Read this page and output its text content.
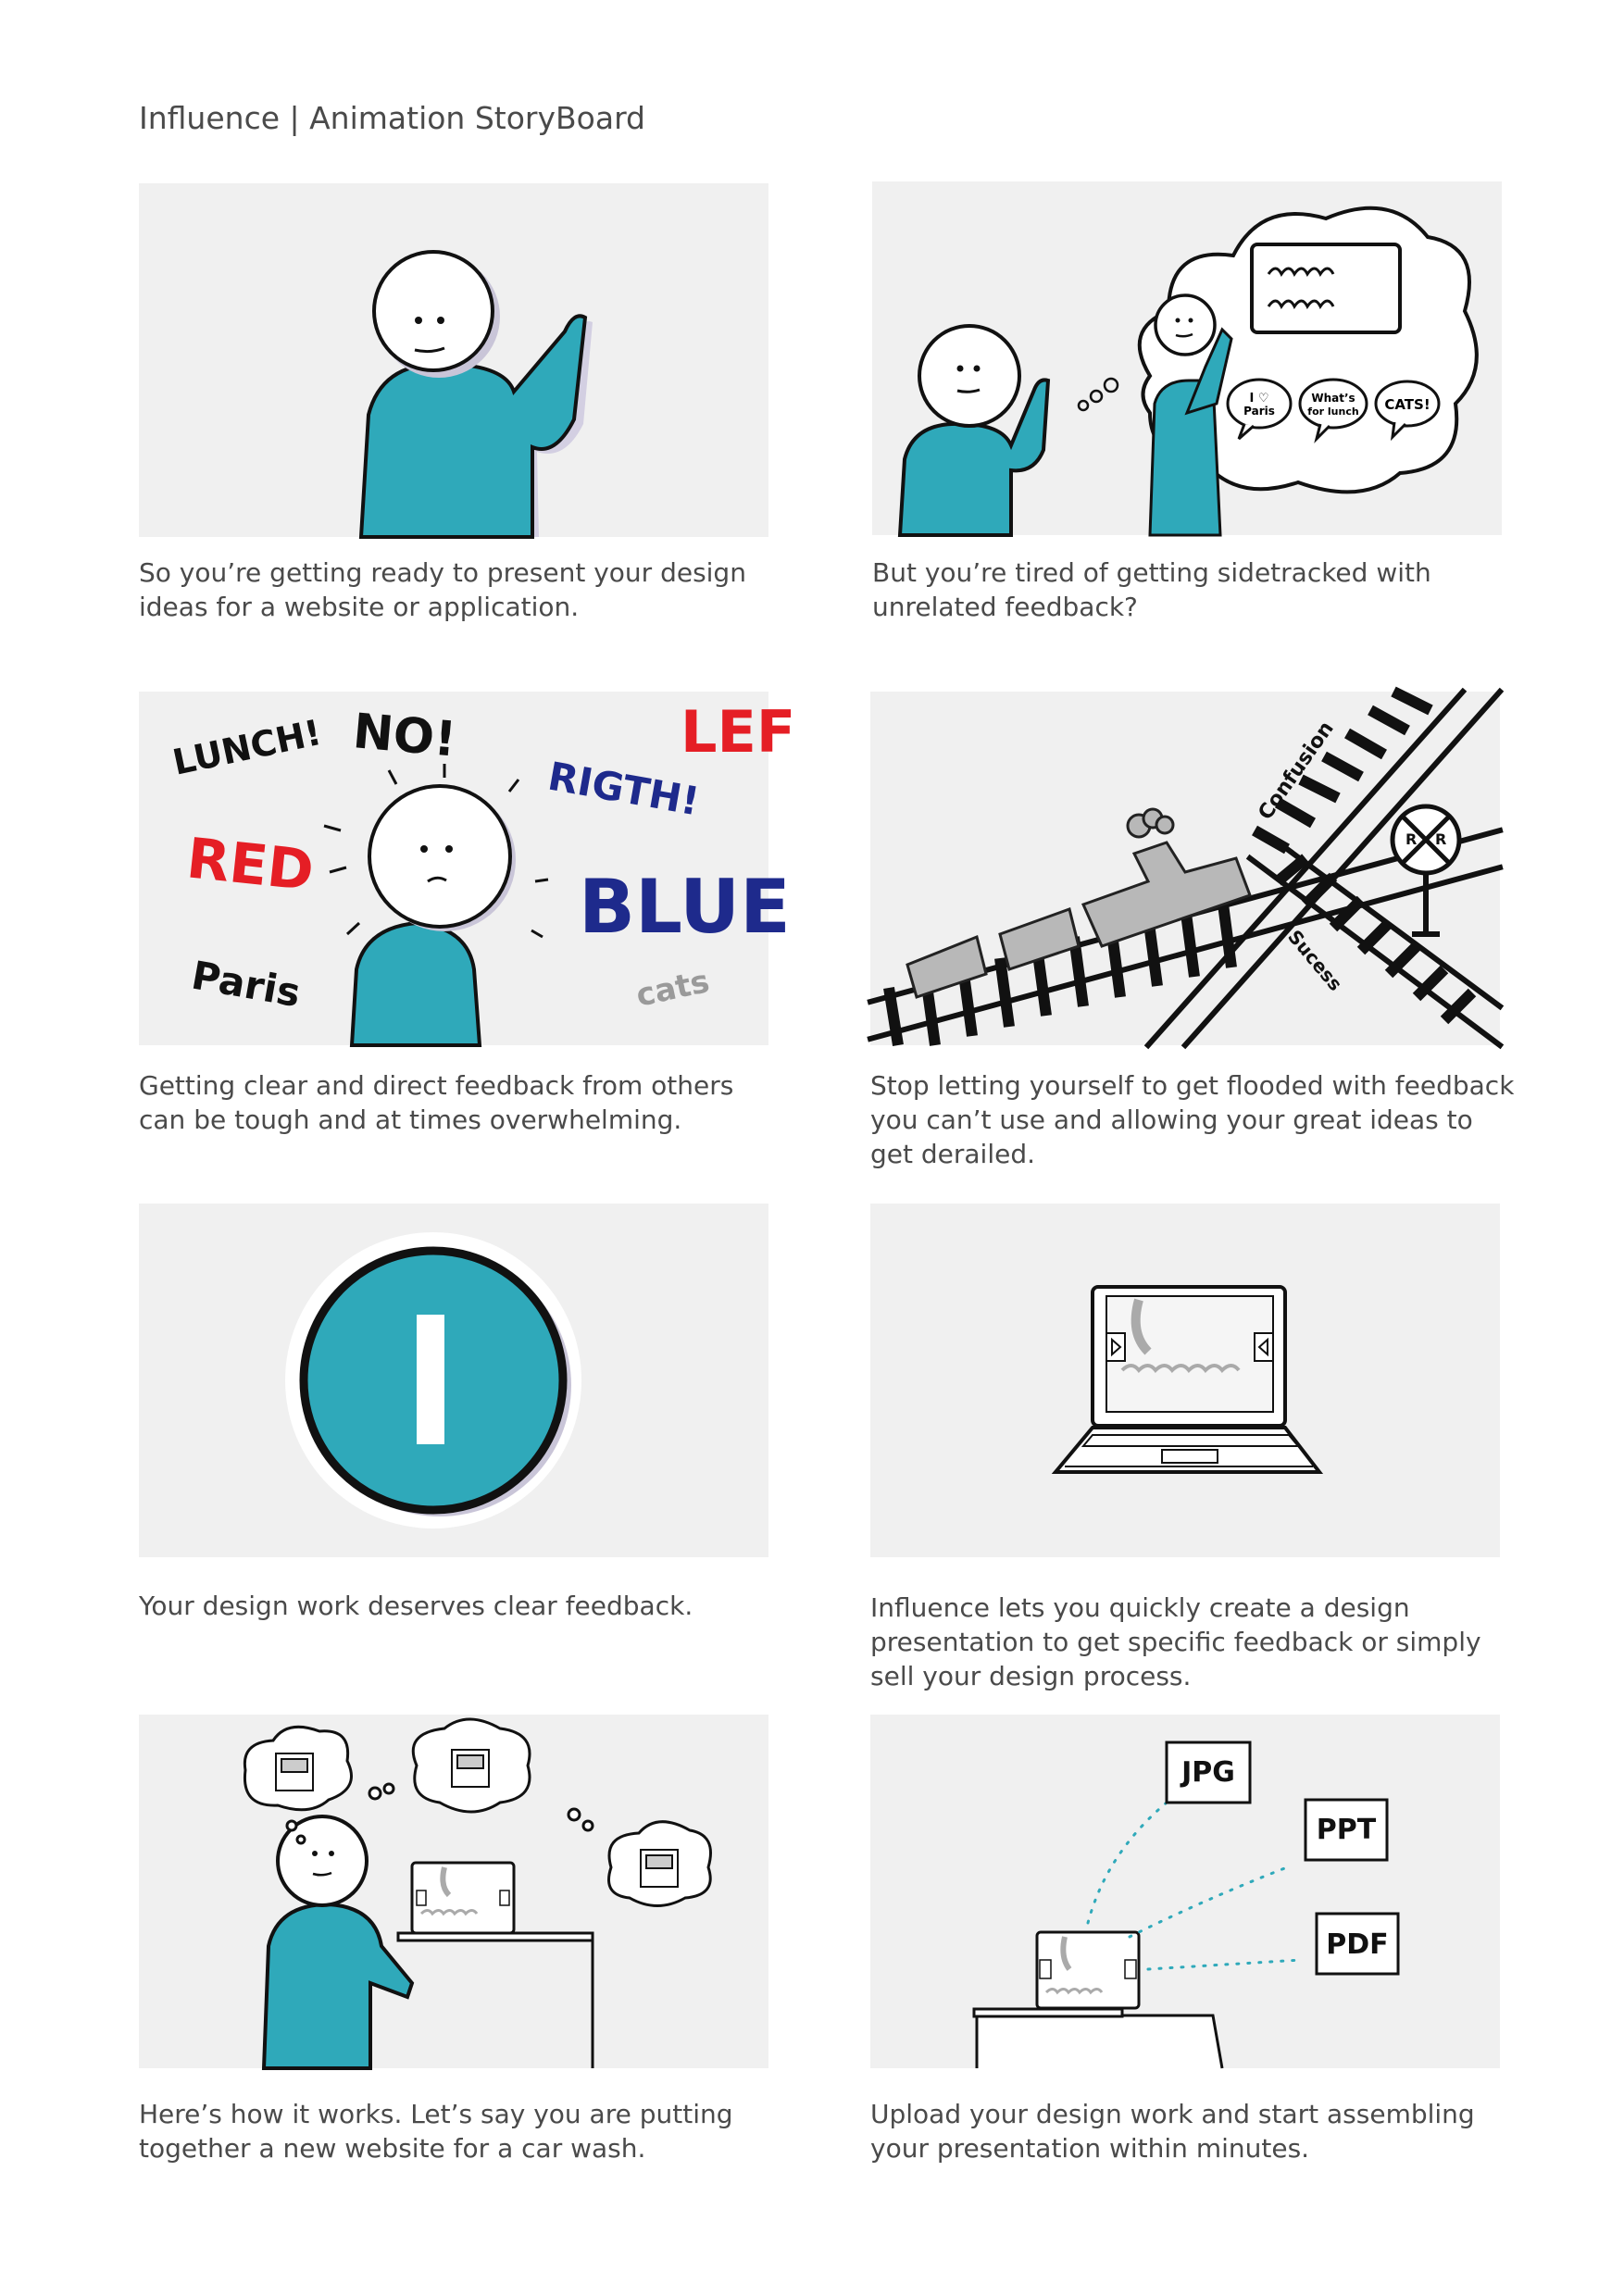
Influence | Animation StoryBoard
So you’re getting ready to present your design ideas for a website or application.
I ♡
Paris
What’s
for lunch CATS!
But you’re tired of getting sidetracked with unrelated feedback?
LUNCH! NO!	LEF
RIGTH!
RED	BLUE
Paris	cats
Getting clear and direct feedback from others can be tough and at times overwhelming.
Confusion
Sucess
R R
Stop letting yourself to get flooded with feedback you can’t use and allowing your great ideas to get derailed.
Your design work deserves clear feedback.	Influence lets you quickly create a design presentation to get specific feedback or simply sell your design process.
Here’s how it works. Let’s say you are putting together a new website for a car wash.
JPG
PPT
PDF
Upload your design work and start assembling your presentation within minutes.
